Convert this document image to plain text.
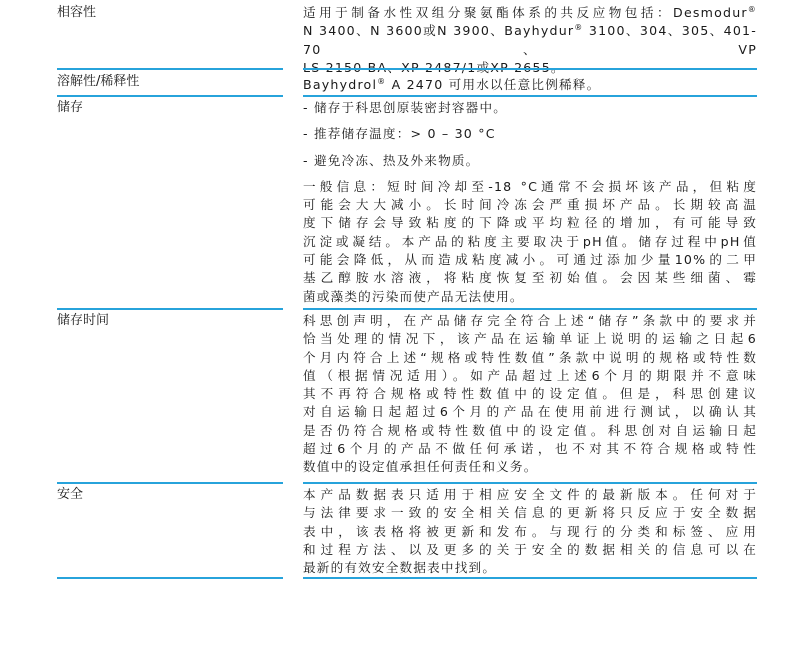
相容性	适用于制备水性双组分聚氨酯体系的共反应物包括：Desmodur®
N 3400、N 3600或N 3900、Bayhydur® 3100、304、305、401-70、VP
LS 2150 BA、XP 2487/1或XP 2655。
溶解性/稀释性	Bayhydrol® A 2470 可用水以任意比例稀释。
储存	- 储存于科思创原装密封容器中。
- 推荐储存温度：> 0 – 30 °C
- 避免冷冻、热及外来物质。
一般信息：短时间冷却至-18 °C通常不会损坏该产品，但粘度
可能会大大减小。长时间冷冻会严重损坏产品。长期较高温
度下储存会导致粘度的下降或平均粒径的增加，有可能导致
沉淀或凝结。本产品的粘度主要取决于pH值。储存过程中pH值
可能会降低，从而造成粘度减小。可通过添加少量10%的二甲
基乙醇胺水溶液，将粘度恢复至初始值。会因某些细菌、霉
菌或藻类的污染而使产品无法使用。
储存时间	科思创声明，在产品储存完全符合上述“储存”条款中的要求并
恰当处理的情况下，该产品在运输单证上说明的运输之日起6
个月内符合上述“规格或特性数值”条款中说明的规格或特性数
值（根据情况适用）。如产品超过上述6个月的期限并不意味
其不再符合规格或特性数值中的设定值。但是，科思创建议
对自运输日起超过6个月的产品在使用前进行测试，以确认其
是否仍符合规格或特性数值中的设定值。科思创对自运输日起
超过6个月的产品不做任何承诺，也不对其不符合规格或特性
数值中的设定值承担任何责任和义务。
安全	本产品数据表只适用于相应安全文件的最新版本。任何对于
与法律要求一致的安全相关信息的更新将只反应于安全数据
表中，该表格将被更新和发布。与现行的分类和标签、应用
和过程方法、以及更多的关于安全的数据相关的信息可以在
最新的有效安全数据表中找到。
